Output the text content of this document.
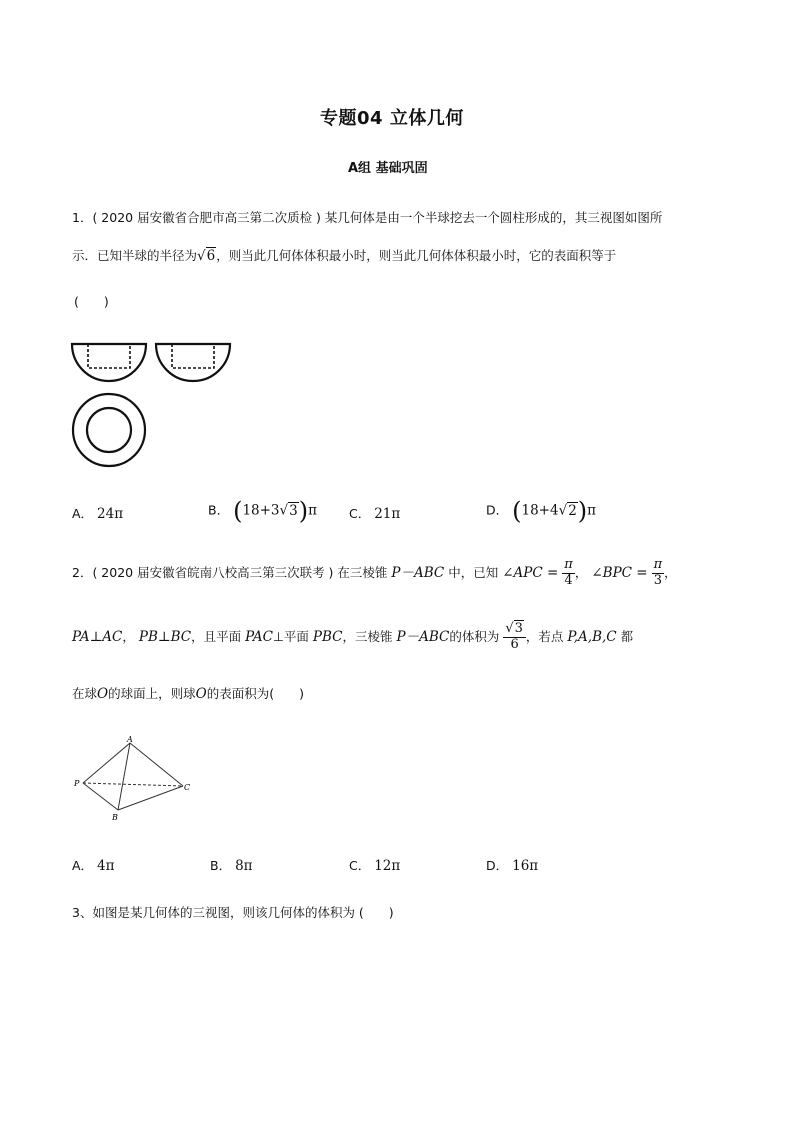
专题04 立体几何
A组 基础巩固
1．( 2020 届安徽省合肥市高三第二次质检 ) 某几何体是由一个半球挖去一个圆柱形成的，其三视图如图所
示．已知半球的半径为√6，则当此几何体体积最小时，则当此几何体体积最小时，它的表面积等于
(　　)
A． 24π	B． (18+3√3)π	C． 21π	D． (18+4√2)π
2．( 2020 届安徽省皖南八校高三第三次联考 ) 在三棱锥 P－ABC 中，已知 ∠APC = $\frac{\pi}{4}$ ， ∠BPC = $\frac{\pi}{3}$ ，
PA⊥AC， PB⊥BC，且平面 PAC⊥平面 PBC，三棱锥 P－ABC的体积为 $\frac{√3}{6}$ ，若点 P,A,B,C 都
在球O的球面上，则球O的表面积为(　　)
A
P	C
B
A． 4π	B． 8π	C． 12π	D． 16π
3、如图是某几何体的三视图，则该几何体的体积为 (　　)
